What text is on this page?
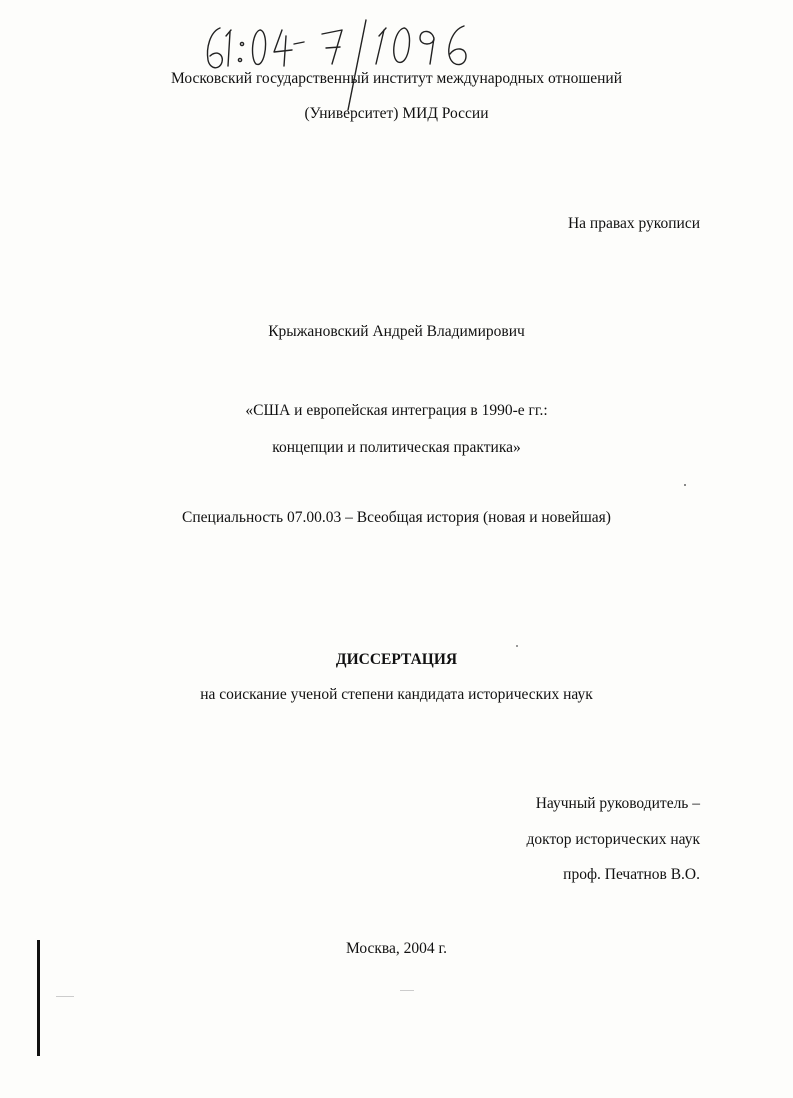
61: 04-7/1096
Московский государственный институт международных отношений
(Университет) МИД России
На правах рукописи
Крыжановский Андрей Владимирович
«США и европейская интеграция в 1990-е гг.:
концепции и политическая практика»
Специальность 07.00.03 – Всеобщая история (новая и новейшая)
ДИССЕРТАЦИЯ
на соискание ученой степени кандидата исторических наук
Научный руководитель –
доктор исторических наук
проф. Печатнов В.О.
Москва, 2004 г.
